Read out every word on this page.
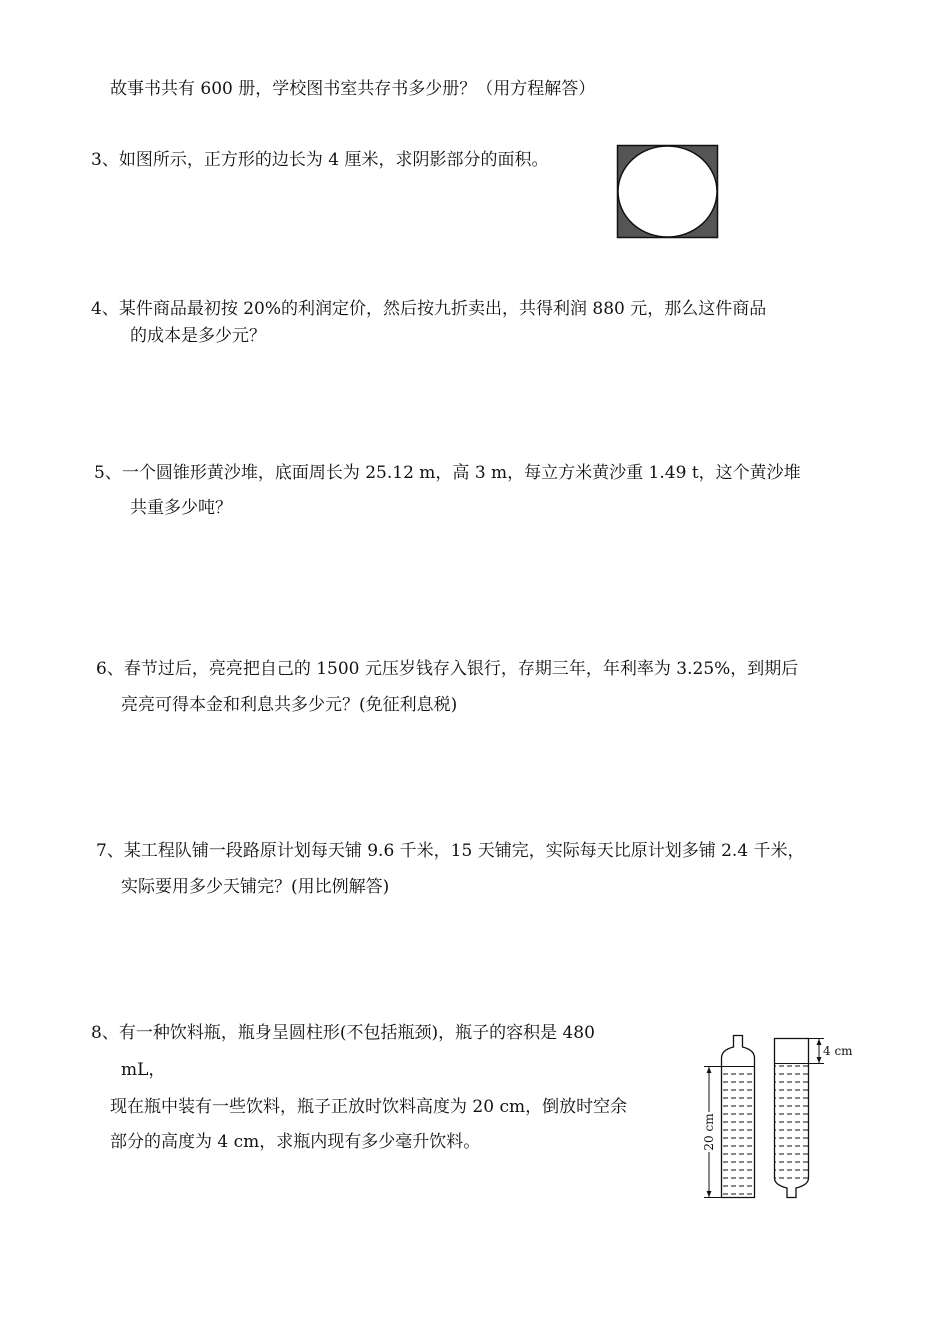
故事书共有 600 册，学校图书室共存书多少册？（用方程解答）
3、如图所示，正方形的边长为 4 厘米，求阴影部分的面积。
4、某件商品最初按 20%的利润定价，然后按九折卖出，共得利润 880 元，那么这件商品
的成本是多少元？
5、一个圆锥形黄沙堆，底面周长为 25.12 m，高 3 m，每立方米黄沙重 1.49 t，这个黄沙堆
共重多少吨？
6、春节过后，亮亮把自己的 1500 元压岁钱存入银行，存期三年，年利率为 3.25%，到期后
亮亮可得本金和利息共多少元？(免征利息税)
7、某工程队铺一段路原计划每天铺 9.6 千米，15 天铺完，实际每天比原计划多铺 2.4 千米，
实际要用多少天铺完？(用比例解答)
8、有一种饮料瓶，瓶身呈圆柱形(不包括瓶颈)，瓶子的容积是 480
mL，
现在瓶中装有一些饮料，瓶子正放时饮料高度为 20 cm，倒放时空余
部分的高度为 4 cm，求瓶内现有多少毫升饮料。	20 cm
4 cm
